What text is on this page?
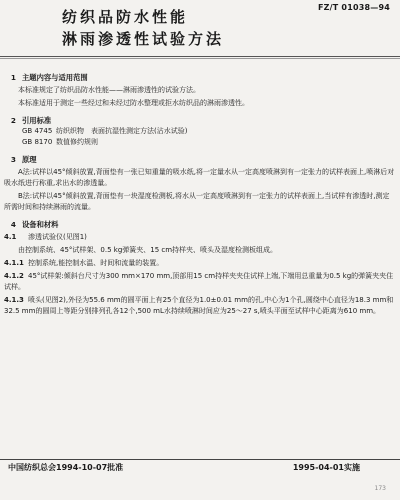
FZ/T 01038—94
纺织品防水性能
淋雨渗透性试验方法
1 主题内容与适用范围
本标准规定了纺织品防水性能——淋雨渗透性的试验方法。
本标准适用于测定一些经过和未经过防水整理或拒水纺织品的淋雨渗透性。
2 引用标准
GB 4745 纺织织物　表面抗湿性测定方法(沾水试验)
GB 8170 数值修约规则
3 原理
A法:试样以45°倾斜放置,背面垫有一张已知重量的吸水纸,将一定量水从一定高度喷淋到有一定张力的试样表面上,喷淋后对吸水纸进行称重,求出水的渗透量。
B法:试样以45°倾斜放置,背面垫有一块湿度检测板,将水从一定高度喷淋到有一定张力的试样表面上,当试样有渗透时,测定所需时间和持续淋雨的流量。
4 设备和材料
4.1 渗透试验仪(见图1)
由控制系统、45°试样架、0.5 kg弹簧夹、15 cm持样夹、喷头及湿度检测板组成。
4.1.1 控制系统,能控制水温、时间和流量的装置。
4.1.2 45°试样架:倾斜台尺寸为300 mm×170 mm,顶部用15 cm持样夹夹住试样上端,下端用总重量为0.5 kg的弹簧夹夹住试样。
4.1.3 喷头(见图2),外径为55.6 mm的圆平面上有25个直径为1.0±0.01 mm的孔,中心为1个孔,圆绕中心直径为18.3 mm和32.5 mm的圆周上等距分别排列孔各12个,500 mL水持续喷淋时间应为25～27 s,喷头平面至试样中心距离为610 mm。
中国纺织总会1994-10-07批准	1995-04-01实施
173
